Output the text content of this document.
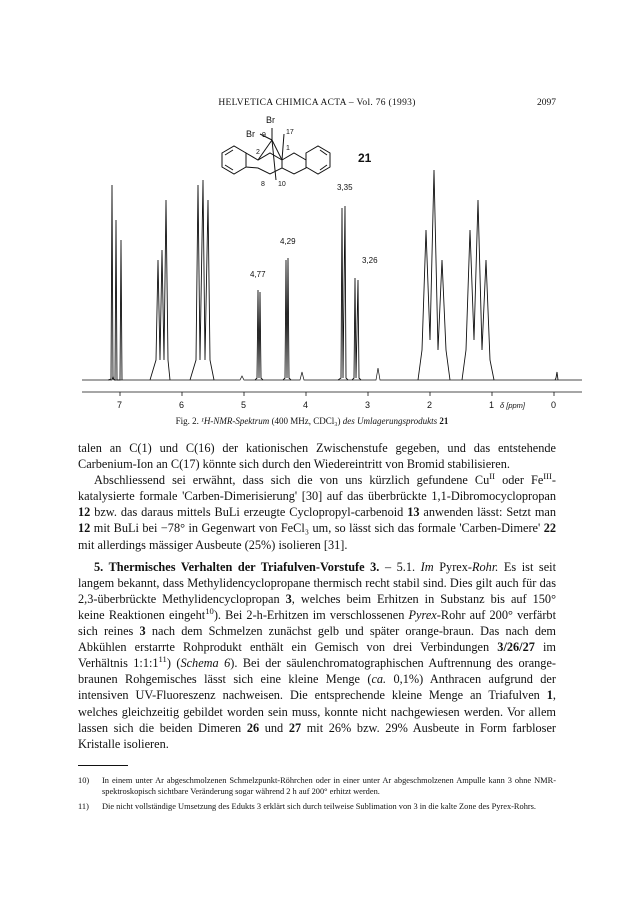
HELVETICA CHIMICA ACTA – Vol. 76 (1993)	2097
Br
Br 9	17
2
1
8 10
21
4,77
4,29
3,35
3,26
7	6	5	4	3	2	1	0
δ [ppm]
Fig. 2. ¹H-NMR-Spektrum (400 MHz, CDCl₃) des Umlagerungsprodukts 21

talen an C(1) und C(16) der kationischen Zwischenstufe gegeben, und das entstehende Carbenium-Ion an C(17) könnte sich durch den Wiedereintritt von Bromid stabilisieren.

Abschliessend sei erwähnt, dass sich die von uns kürzlich gefundene $Cu^{II}$ oder $Fe^{III}$-katalysierte formale 'Carben-Dimerisierung' [30] auf das überbrückte 1,1-Dibromocyclopropan 12 bzw. das daraus mittels BuLi erzeugte Cyclopropyl-carbenoid 13 anwenden lässt: Setzt man 12 mit BuLi bei −78° in Gegenwart von FeCl₃ um, so lässt sich das formale 'Carben-Dimere' 22 mit allerdings mässiger Ausbeute (25%) isolieren [31].

5. Thermisches Verhalten der Triafulven-Vorstufe 3. – 5.1. Im Pyrex-Rohr. Es ist seit langem bekannt, dass Methylidencyclopropane thermisch recht stabil sind. Dies gilt auch für das 2,3-überbrückte Methylidencyclopropan 3, welches beim Erhitzen in Substanz bis auf 150° keine Reaktionen eingeht$^{10}$). Bei 2-h-Erhitzen im verschlossenen Pyrex-Rohr auf 200° verfärbt sich reines 3 nach dem Schmelzen zunächst gelb und später orange-braun. Das nach dem Abkühlen erstarrte Rohprodukt enthält ein Gemisch von drei Verbindungen 3/26/27 im Verhältnis $1:1:1^{11}$) (Schema 6). Bei der säulenchromatographischen Auftrennung des orange-braunen Rohgemisches lässt sich eine kleine Menge (ca. 0,1%) Anthracen aufgrund der intensiven UV-Fluoreszenz nachweisen. Die entsprechende kleine Menge an Triafulven 1, welches gleichzeitig gebildet worden sein muss, konnte nicht nachgewiesen werden. Vor allem lassen sich die beiden Dimeren 26 und 27 mit 26% bzw. 29% Ausbeute in Form farbloser Kristalle isolieren.

10)	In einem unter Ar abgeschmolzenen Schmelzpunkt-Röhrchen oder in einer unter Ar abgeschmolzenen Ampulle kann 3 ohne NMR-spektroskopisch sichtbare Veränderung sogar während 2 h auf 200° erhitzt werden.
11)	Die nicht vollständige Umsetzung des Edukts 3 erklärt sich durch teilweise Sublimation von 3 in die kalte Zone des Pyrex-Rohrs.
